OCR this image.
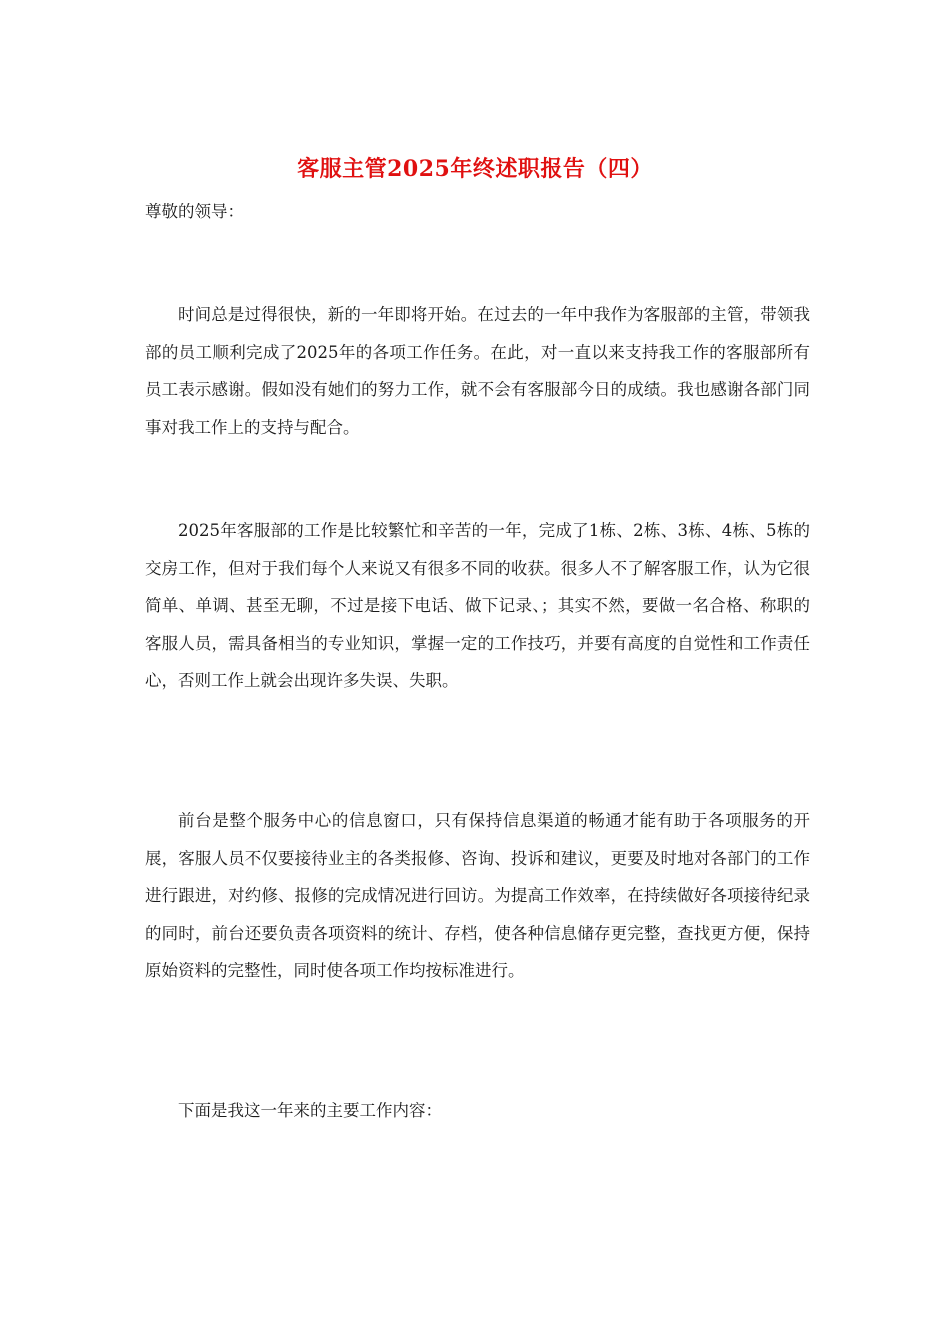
客服主管2025年终述职报告（四）
尊敬的领导：

时间总是过得很快，新的一年即将开始。在过去的一年中我作为客服部的主管，带领我部的员工顺利完成了2025年的各项工作任务。在此，对一直以来支持我工作的客服部所有员工表示感谢。假如没有她们的努力工作，就不会有客服部今日的成绩。我也感谢各部门同事对我工作上的支持与配合。

2025年客服部的工作是比较繁忙和辛苦的一年，完成了1栋、2栋、3栋、4栋、5栋的交房工作，但对于我们每个人来说又有很多不同的收获。很多人不了解客服工作，认为它很简单、单调、甚至无聊，不过是接下电话、做下记录、；其实不然，要做一名合格、称职的客服人员，需具备相当的专业知识，掌握一定的工作技巧，并要有高度的自觉性和工作责任心，否则工作上就会出现许多失误、失职。

前台是整个服务中心的信息窗口，只有保持信息渠道的畅通才能有助于各项服务的开展，客服人员不仅要接待业主的各类报修、咨询、投诉和建议，更要及时地对各部门的工作进行跟进，对约修、报修的完成情况进行回访。为提高工作效率，在持续做好各项接待纪录的同时，前台还要负责各项资料的统计、存档，使各种信息储存更完整，查找更方便，保持原始资料的完整性，同时使各项工作均按标准进行。

下面是我这一年来的主要工作内容：
